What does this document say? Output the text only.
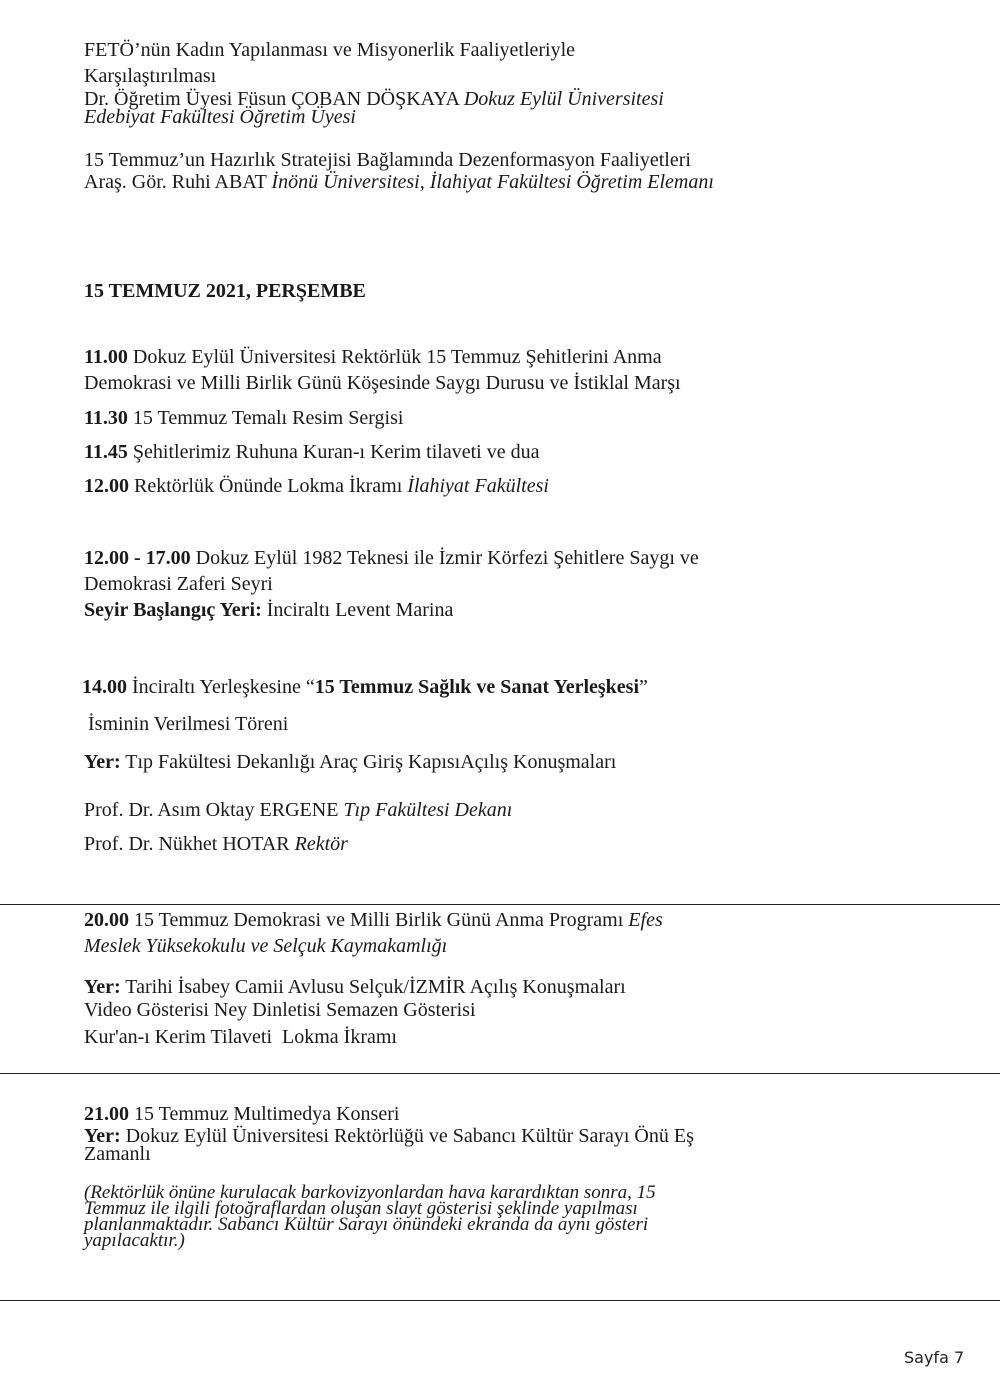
FETÖ’nün Kadın Yapılanması ve Misyonerlik Faaliyetleriyle
Karşılaştırılması
Dr. Öğretim Üyesi Füsun ÇOBAN DÖŞKAYA Dokuz Eylül Üniversitesi
Edebiyat Fakültesi Öğretim Üyesi
15 Temmuz’un Hazırlık Stratejisi Bağlamında Dezenformasyon Faaliyetleri
Araş. Gör. Ruhi ABAT İnönü Üniversitesi, İlahiyat Fakültesi Öğretim Elemanı
15 TEMMUZ 2021, PERŞEMBE
11.00 Dokuz Eylül Üniversitesi Rektörlük 15 Temmuz Şehitlerini Anma
Demokrasi ve Milli Birlik Günü Köşesinde Saygı Durusu ve İstiklal Marşı
11.30 15 Temmuz Temalı Resim Sergisi
11.45 Şehitlerimiz Ruhuna Kuran-ı Kerim tilaveti ve dua
12.00 Rektörlük Önünde Lokma İkramı İlahiyat Fakültesi
12.00 - 17.00 Dokuz Eylül 1982 Teknesi ile İzmir Körfezi Şehitlere Saygı ve
Demokrasi Zaferi Seyri
Seyir Başlangıç Yeri: İnciraltı Levent Marina
14.00 İnciraltı Yerleşkesine “15 Temmuz Sağlık ve Sanat Yerleşkesi”
İsminin Verilmesi Töreni
Yer: Tıp Fakültesi Dekanlığı Araç Giriş KapısıAçılış Konuşmaları
Prof. Dr. Asım Oktay ERGENE Tıp Fakültesi Dekanı
Prof. Dr. Nükhet HOTAR Rektör
20.00 15 Temmuz Demokrasi ve Milli Birlik Günü Anma Programı Efes
Meslek Yüksekokulu ve Selçuk Kaymakamlığı
Yer: Tarihi İsabey Camii Avlusu Selçuk/İZMİR Açılış Konuşmaları
Video Gösterisi Ney Dinletisi Semazen Gösterisi
Kur'an-ı Kerim Tilaveti  Lokma İkramı
21.00 15 Temmuz Multimedya Konseri
Yer: Dokuz Eylül Üniversitesi Rektörlüğü ve Sabancı Kültür Sarayı Önü Eş
Zamanlı
(Rektörlük önüne kurulacak barkovizyonlardan hava karardıktan sonra, 15
Temmuz ile ilgili fotoğraflardan oluşan slayt gösterisi şeklinde yapılması
planlanmaktadır. Sabancı Kültür Sarayı önündeki ekranda da aynı gösteri
yapılacaktır.)
Sayfa 7
